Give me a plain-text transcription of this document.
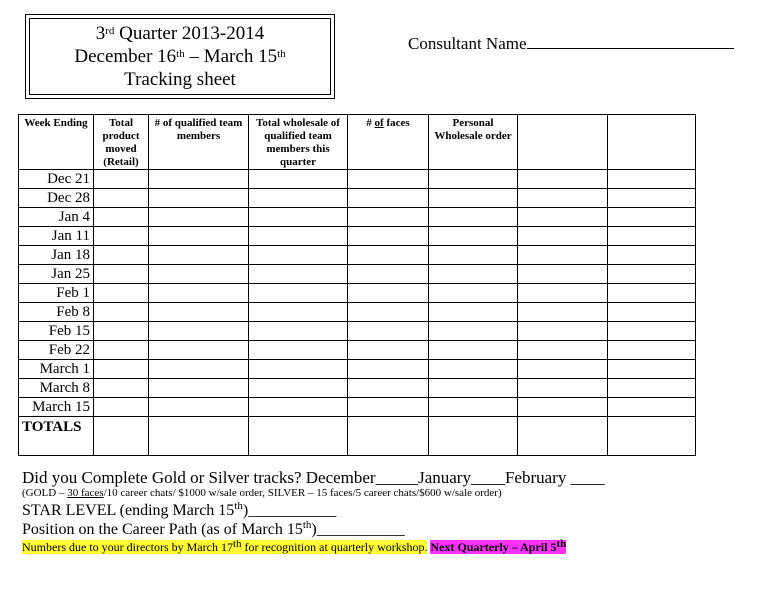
3rd Quarter 2013-2014
December 16th – March 15th
Tracking sheet
Consultant Name
Week Ending	Total product moved (Retail)	# of qualified team members	Total wholesale of qualified team members this quarter	# of faces	Personal Wholesale order		
Dec 21							
Dec 28							
Jan 4							
Jan 11							
Jan 18							
Jan 25							
Feb 1							
Feb 8							
Feb 15							
Feb 22							
March 1							
March 8							
March 15							
TOTALS							
Did you Complete Gold or Silver tracks? December_____January____February ____
(GOLD – 30 faces/10 career chats/ $1000 w/sale order, SILVER – 15 faces/5 career chats/$600 w/sale order)
STAR LEVEL (ending March 15th)___________
Position on the Career Path (as of March 15th)___________
Numbers due to your directors by March 17th for recognition at quarterly workshop. Next Quarterly – April 5th
